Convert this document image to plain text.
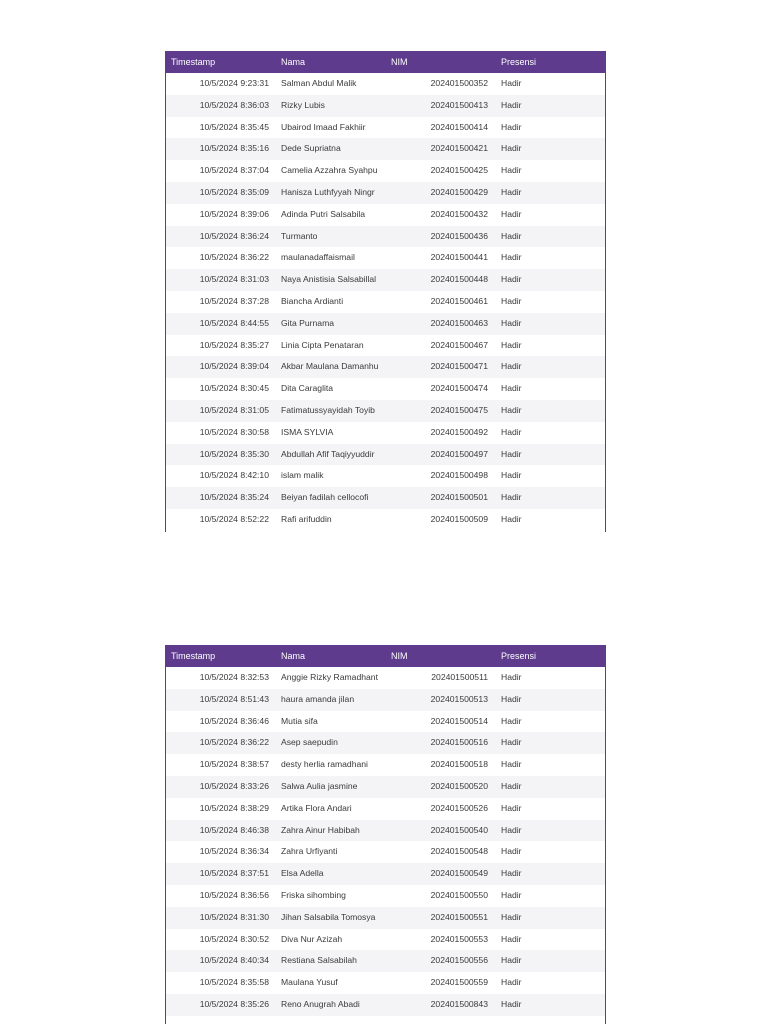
Timestamp	Nama	NIM	Presensi
10/5/2024 9:23:31 Salman Abdul Malik	202401500352 Hadir
10/5/2024 8:36:03 Rizky Lubis	202401500413 Hadir
10/5/2024 8:35:45 Ubairod Imaad Fakhiir	202401500414 Hadir
10/5/2024 8:35:16 Dede Supriatna	202401500421 Hadir
10/5/2024 8:37:04 Camelia Azzahra Syahpu	202401500425 Hadir
10/5/2024 8:35:09 Hanisza Luthfyyah Ningr	202401500429 Hadir
10/5/2024 8:39:06 Adinda Putri Salsabila	202401500432 Hadir
10/5/2024 8:36:24 Turmanto	202401500436 Hadir
10/5/2024 8:36:22 maulanadaffaismail	202401500441 Hadir
10/5/2024 8:31:03 Naya Anistisia Salsabillal	202401500448 Hadir
10/5/2024 8:37:28 Biancha Ardianti	202401500461 Hadir
10/5/2024 8:44:55 Gita Purnama	202401500463 Hadir
10/5/2024 8:35:27 Linia Cipta Penataran	202401500467 Hadir
10/5/2024 8:39:04 Akbar Maulana Damanhu	202401500471 Hadir
10/5/2024 8:30:45 Dita Caraglita	202401500474 Hadir
10/5/2024 8:31:05 Fatimatussyayidah Toyib	202401500475 Hadir
10/5/2024 8:30:58 ISMA SYLVIA	202401500492 Hadir
10/5/2024 8:35:30 Abdullah Afif Taqiyyuddir	202401500497 Hadir
10/5/2024 8:42:10 islam malik	202401500498 Hadir
10/5/2024 8:35:24 Beiyan fadilah cellocofi	202401500501 Hadir
10/5/2024 8:52:22 Rafi arifuddin	202401500509 Hadir
Timestamp	Nama	NIM	Presensi
10/5/2024 8:32:53 Anggie Rizky Ramadhant	202401500511 Hadir
10/5/2024 8:51:43 haura amanda jilan	202401500513 Hadir
10/5/2024 8:36:46 Mutia sifa	202401500514 Hadir
10/5/2024 8:36:22 Asep saepudin	202401500516 Hadir
10/5/2024 8:38:57 desty herlia ramadhani	202401500518 Hadir
10/5/2024 8:33:26 Salwa Aulia jasmine	202401500520 Hadir
10/5/2024 8:38:29 Artika Flora Andari	202401500526 Hadir
10/5/2024 8:46:38 Zahra Ainur Habibah	202401500540 Hadir
10/5/2024 8:36:34 Zahra Urfiyanti	202401500548 Hadir
10/5/2024 8:37:51 Elsa Adella	202401500549 Hadir
10/5/2024 8:36:56 Friska sihombing	202401500550 Hadir
10/5/2024 8:31:30 Jihan Salsabila Tomosya	202401500551 Hadir
10/5/2024 8:30:52 Diva Nur Azizah	202401500553 Hadir
10/5/2024 8:40:34 Restiana Salsabilah	202401500556 Hadir
10/5/2024 8:35:58 Maulana Yusuf	202401500559 Hadir
10/5/2024 8:35:26 Reno Anugrah Abadi	202401500843 Hadir
